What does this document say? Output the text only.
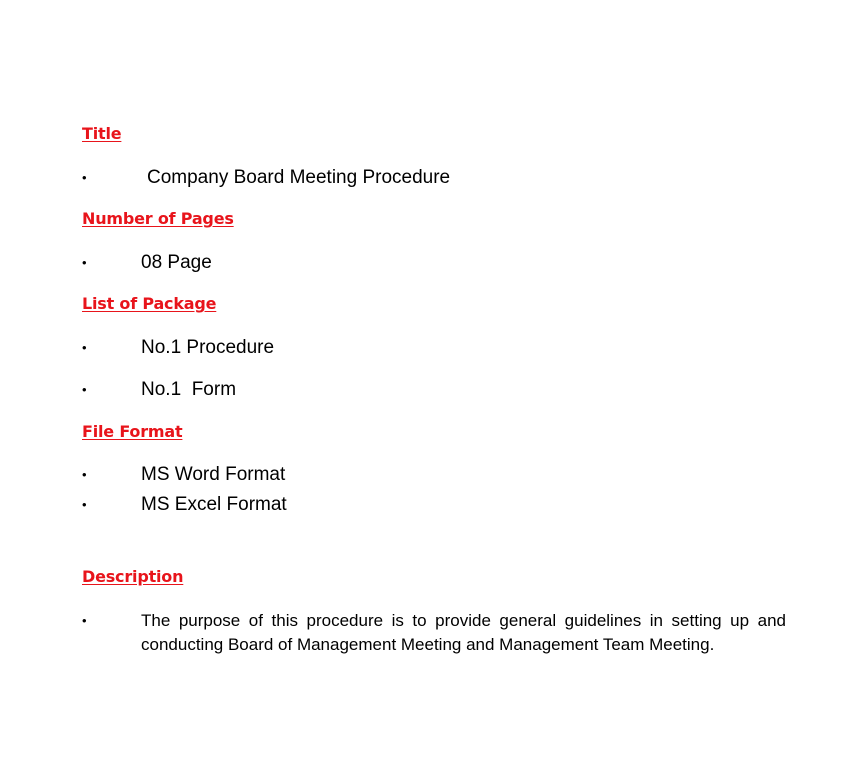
Title
•	Company Board Meeting Procedure
Number of Pages
•	08 Page
List of Package
•	No.1 Procedure
•	No.1  Form
File Format
•	MS Word Format
•	MS Excel Format
Description
•	The purpose of this procedure is to provide general guidelines in setting up and conducting Board of Management Meeting and Management Team Meeting.
